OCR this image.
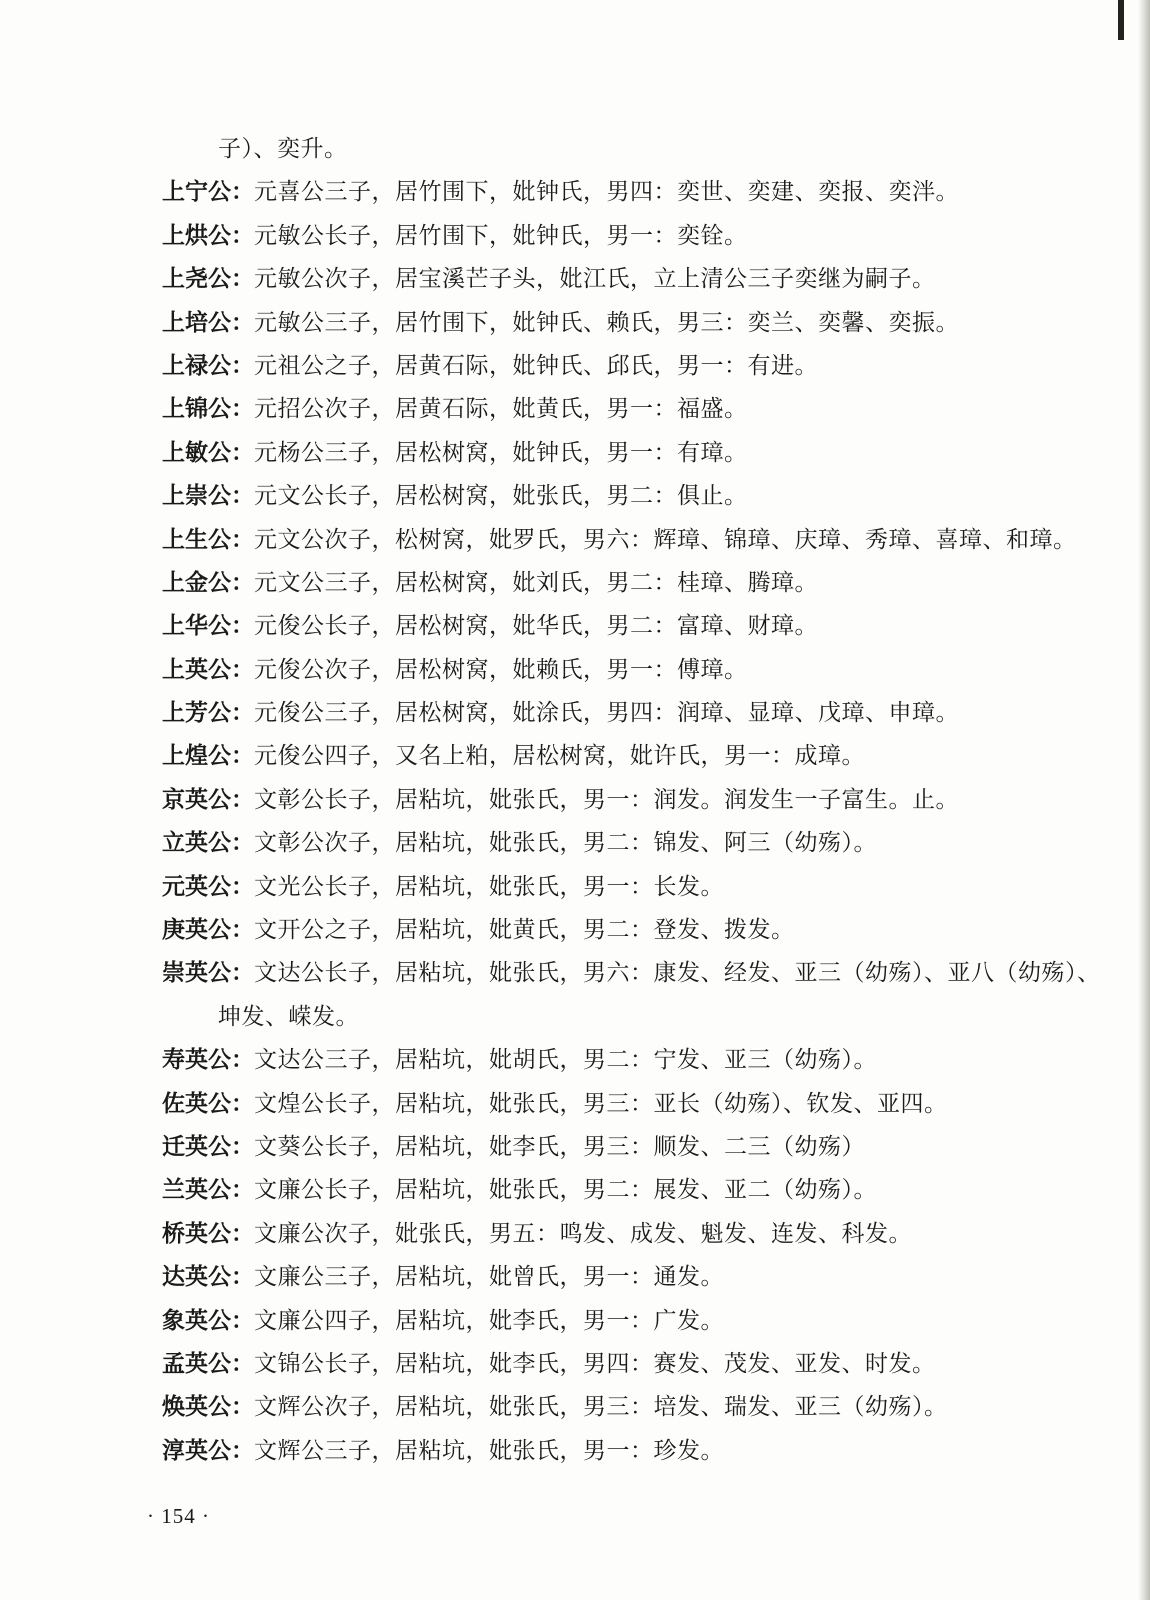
子）、奕升。
上宁公：元喜公三子，居竹围下，妣钟氏，男四：奕世、奕建、奕报、奕泮。
上烘公：元敏公长子，居竹围下，妣钟氏，男一：奕铨。
上尧公：元敏公次子，居宝溪芒子头，妣江氏，立上清公三子奕继为嗣子。
上培公：元敏公三子，居竹围下，妣钟氏、赖氏，男三：奕兰、奕馨、奕振。
上禄公：元祖公之子，居黄石际，妣钟氏、邱氏，男一：有进。
上锦公：元招公次子，居黄石际，妣黄氏，男一：福盛。
上敏公：元杨公三子，居松树窝，妣钟氏，男一：有璋。
上崇公：元文公长子，居松树窝，妣张氏，男二：俱止。
上生公：元文公次子，松树窝，妣罗氏，男六：辉璋、锦璋、庆璋、秀璋、喜璋、和璋。
上金公：元文公三子，居松树窝，妣刘氏，男二：桂璋、腾璋。
上华公：元俊公长子，居松树窝，妣华氏，男二：富璋、财璋。
上英公：元俊公次子，居松树窝，妣赖氏，男一：傅璋。
上芳公：元俊公三子，居松树窝，妣涂氏，男四：润璋、显璋、戊璋、申璋。
上煌公：元俊公四子，又名上粕，居松树窝，妣许氏，男一：成璋。
京英公：文彰公长子，居粘坑，妣张氏，男一：润发。润发生一子富生。止。
立英公：文彰公次子，居粘坑，妣张氏，男二：锦发、阿三（幼殇）。
元英公：文光公长子，居粘坑，妣张氏，男一：长发。
庚英公：文开公之子，居粘坑，妣黄氏，男二：登发、拨发。
崇英公：文达公长子，居粘坑，妣张氏，男六：康发、经发、亚三（幼殇）、亚八（幼殇）、
坤发、嵘发。
寿英公：文达公三子，居粘坑，妣胡氏，男二：宁发、亚三（幼殇）。
佐英公：文煌公长子，居粘坑，妣张氏，男三：亚长（幼殇）、钦发、亚四。
迁英公：文葵公长子，居粘坑，妣李氏，男三：顺发、二三（幼殇）
兰英公：文廉公长子，居粘坑，妣张氏，男二：展发、亚二（幼殇）。
桥英公：文廉公次子，妣张氏，男五：鸣发、成发、魁发、连发、科发。
达英公：文廉公三子，居粘坑，妣曾氏，男一：通发。
象英公：文廉公四子，居粘坑，妣李氏，男一：广发。
孟英公：文锦公长子，居粘坑，妣李氏，男四：赛发、茂发、亚发、时发。
焕英公：文辉公次子，居粘坑，妣张氏，男三：培发、瑞发、亚三（幼殇）。
淳英公：文辉公三子，居粘坑，妣张氏，男一：珍发。
· 154 ·
